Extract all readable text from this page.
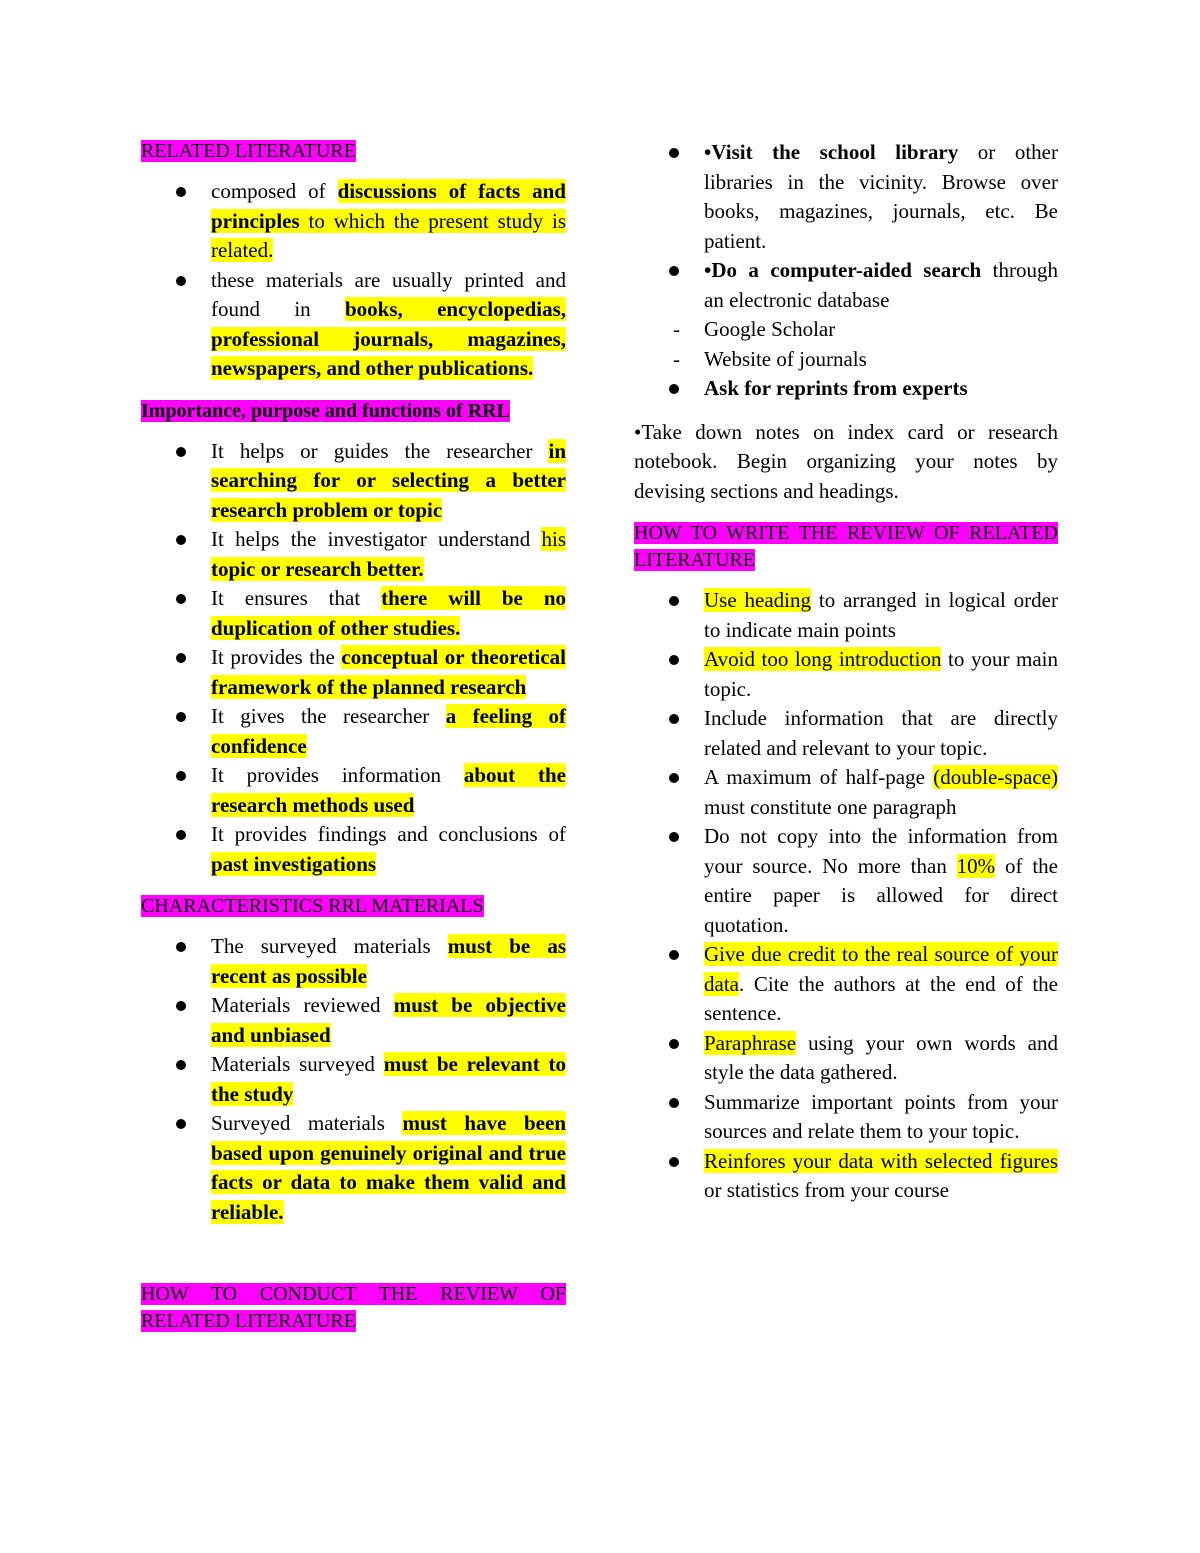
RELATED LITERATURE

composed of discussions of facts and principles to which the present study is related.
these materials are usually printed and found in books, encyclopedias, professional journals, magazines, newspapers, and other publications.

Importance, purpose and functions of RRL

It helps or guides the researcher in searching for or selecting a better research problem or topic
It helps the investigator understand his topic or research better.
It ensures that there will be no duplication of other studies.
It provides the conceptual or theoretical framework of the planned research
It gives the researcher a feeling of confidence
It provides information about the research methods used
It provides findings and conclusions of past investigations

CHARACTERISTICS RRL MATERIALS

The surveyed materials must be as recent as possible
Materials reviewed must be objective and unbiased
Materials surveyed must be relevant to the study
Surveyed materials must have been based upon genuinely original and true facts or data to make them valid and reliable.

HOW TO CONDUCT THE REVIEW OF RELATED LITERATURE

•Visit the school library or other libraries in the vicinity. Browse over books, magazines, journals, etc. Be patient.
•Do a computer-aided search through an electronic database
- Google Scholar
- Website of journals
Ask for reprints from experts

•Take down notes on index card or research notebook. Begin organizing your notes by devising sections and headings.

HOW TO WRITE THE REVIEW OF RELATED LITERATURE

Use heading to arranged in logical order to indicate main points
Avoid too long introduction to your main topic.
Include information that are directly related and relevant to your topic.
A maximum of half-page (double-space) must constitute one paragraph
Do not copy into the information from your source. No more than 10% of the entire paper is allowed for direct quotation.
Give due credit to the real source of your data. Cite the authors at the end of the sentence.
Paraphrase using your own words and style the data gathered.
Summarize important points from your sources and relate them to your topic.
Reinfores your data with selected figures or statistics from your course
